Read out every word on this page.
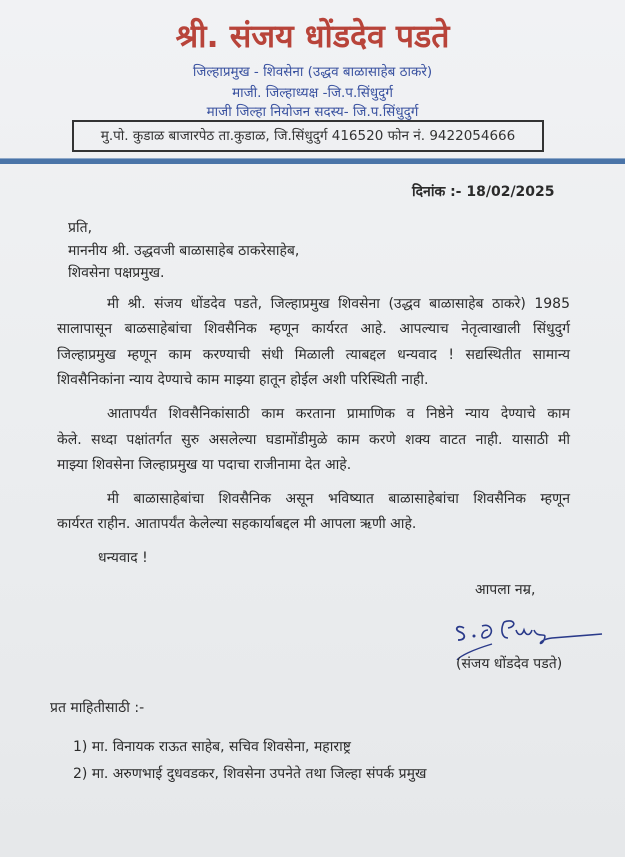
श्री. संजय धोंडदेव पडते
जिल्हाप्रमुख - शिवसेना (उद्धव बाळासाहेब ठाकरे)
माजी. जिल्हाध्यक्ष -जि.प.सिंधुदुर्ग
माजी जिल्हा नियोजन सदस्य- जि.प.सिंधुदुर्ग
मु.पो. कुडाळ बाजारपेठ ता.कुडाळ, जि.सिंधुदुर्ग 416520 फोन नं. 9422054666
दिनांक :- 18/02/2025
प्रति,
माननीय श्री. उद्धवजी बाळासाहेब ठाकरेसाहेब,
शिवसेना पक्षप्रमुख.
मी श्री. संजय धोंडदेव पडते, जिल्हाप्रमुख शिवसेना (उद्धव बाळासाहेब ठाकरे) 1985
सालापासून बाळसाहेबांचा शिवसैनिक म्हणून कार्यरत आहे. आपल्याच नेतृत्वाखाली सिंधुदुर्ग
जिल्हाप्रमुख म्हणून काम करण्याची संधी मिळाली त्याबद्दल धन्यवाद ! सद्यस्थितीत सामान्य
शिवसैनिकांना न्याय देण्याचे काम माझ्या हातून होईल अशी परिस्थिती नाही.
आतापर्यंत शिवसैनिकांसाठी काम करताना प्रामाणिक व निष्ठेने न्याय देण्याचे काम
केले. सध्दा पक्षांतर्गत सुरु असलेल्या घडामोंडीमुळे काम करणे शक्य वाटत नाही. यासाठी मी
माझ्या शिवसेना जिल्हाप्रमुख या पदाचा राजीनामा देत आहे.
मी बाळासाहेबांचा शिवसैनिक असून भविष्यात बाळासाहेबांचा शिवसैनिक म्हणून
कार्यरत राहीन. आतापर्यंत केलेल्या सहकार्याबद्दल मी आपला ऋणी आहे.
धन्यवाद !
आपला नम्र,
(संजय धोंडदेव पडते)
प्रत माहितीसाठी :-
1) मा. विनायक राऊत साहेब, सचिव शिवसेना, महाराष्ट्र
2) मा. अरुणभाई दुधवडकर, शिवसेना उपनेते तथा जिल्हा संपर्क प्रमुख
